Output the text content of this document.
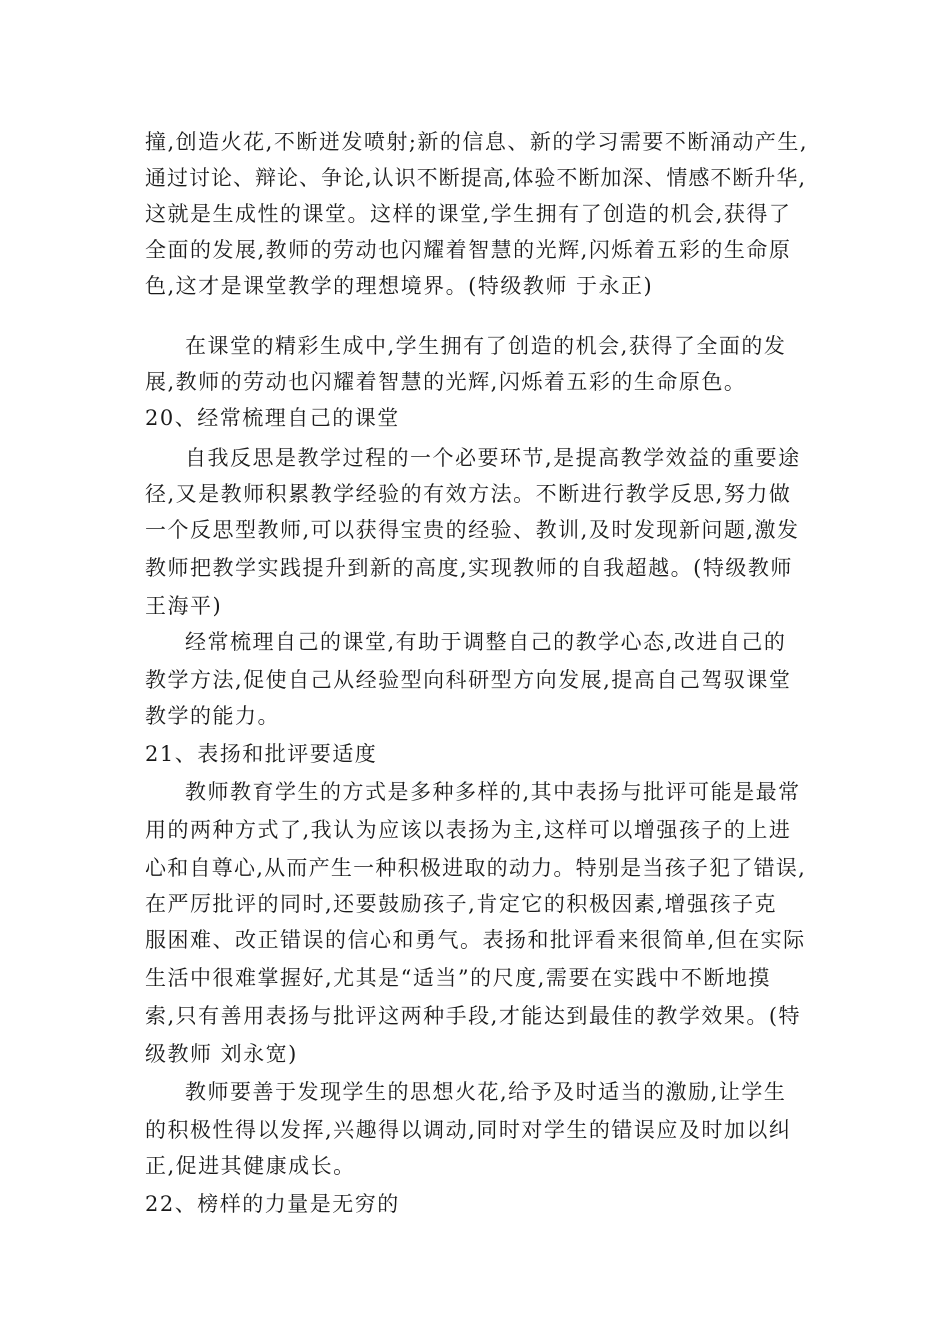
撞,创造火花,不断迸发喷射;新的信息、新的学习需要不断涌动产生,
通过讨论、辩论、争论,认识不断提高,体验不断加深、情感不断升华,
这就是生成性的课堂。这样的课堂,学生拥有了创造的机会,获得了
全面的发展,教师的劳动也闪耀着智慧的光辉,闪烁着五彩的生命原
色,这才是课堂教学的理想境界。(特级教师 于永正)
在课堂的精彩生成中,学生拥有了创造的机会,获得了全面的发
展,教师的劳动也闪耀着智慧的光辉,闪烁着五彩的生命原色。
20、经常梳理自己的课堂
自我反思是教学过程的一个必要环节,是提高教学效益的重要途
径,又是教师积累教学经验的有效方法。不断进行教学反思,努力做
一个反思型教师,可以获得宝贵的经验、教训,及时发现新问题,激发
教师把教学实践提升到新的高度,实现教师的自我超越。(特级教师
王海平)
经常梳理自己的课堂,有助于调整自己的教学心态,改进自己的
教学方法,促使自己从经验型向科研型方向发展,提高自己驾驭课堂
教学的能力。
21、表扬和批评要适度
教师教育学生的方式是多种多样的,其中表扬与批评可能是最常
用的两种方式了,我认为应该以表扬为主,这样可以增强孩子的上进
心和自尊心,从而产生一种积极进取的动力。特别是当孩子犯了错误,
在严厉批评的同时,还要鼓励孩子,肯定它的积极因素,增强孩子克
服困难、改正错误的信心和勇气。表扬和批评看来很简单,但在实际
生活中很难掌握好,尤其是“适当”的尺度,需要在实践中不断地摸
索,只有善用表扬与批评这两种手段,才能达到最佳的教学效果。(特
级教师 刘永宽)
教师要善于发现学生的思想火花,给予及时适当的激励,让学生
的积极性得以发挥,兴趣得以调动,同时对学生的错误应及时加以纠
正,促进其健康成长。
22、榜样的力量是无穷的
